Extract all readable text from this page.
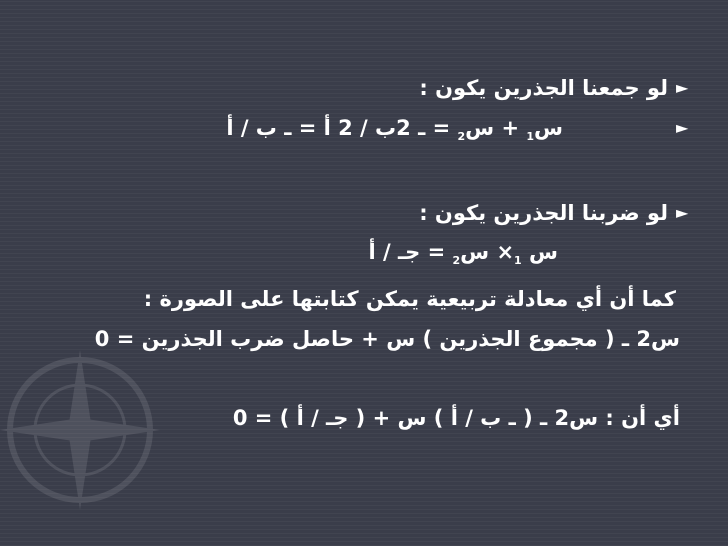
►
لو جمعنا الجذرين يكون :
►
س$_1$ + س$_2$ = ـ 2ب / 2 أ = ـ ب / أ
►
لو ضربنا الجذرين يكون :
س $_1$× س$_2$ = جـ / أ
كما أن أي معادلة تربيعية يمكن كتابتها على الصورة :
س2 ـ ( مجموع الجذرين ) س + حاصل ضرب الجذرين = 0
أي أن : س2 ـ ( ـ ب / أ ) س + ( جـ / أ ) = 0
